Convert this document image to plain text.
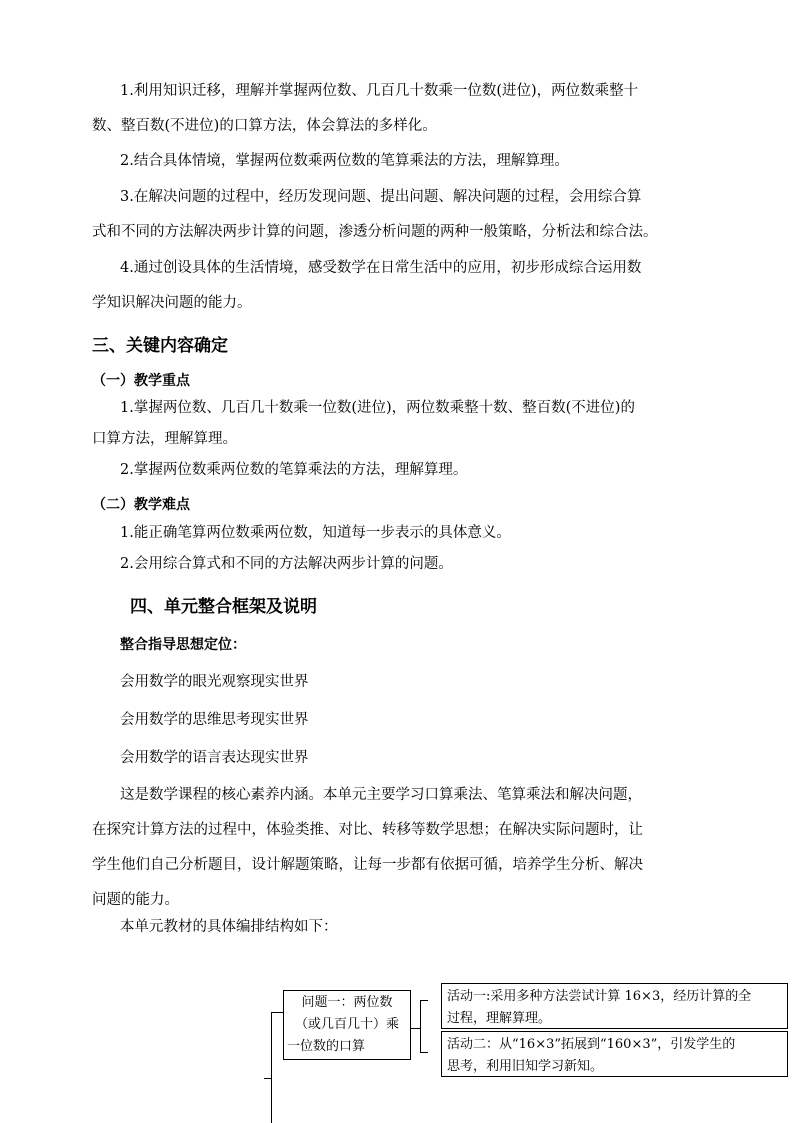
1.利用知识迁移，理解并掌握两位数、几百几十数乘一位数(进位)，两位数乘整十
数、整百数(不进位)的口算方法，体会算法的多样化。
2.结合具体情境，掌握两位数乘两位数的笔算乘法的方法，理解算理。
3.在解决问题的过程中，经历发现问题、提出问题、解决问题的过程，会用综合算
式和不同的方法解决两步计算的问题，渗透分析问题的两种一般策略，分析法和综合法。
4.通过创设具体的生活情境，感受数学在日常生活中的应用，初步形成综合运用数
学知识解决问题的能力。
三、关键内容确定
（一）教学重点
1.掌握两位数、几百几十数乘一位数(进位)，两位数乘整十数、整百数(不进位)的
口算方法，理解算理。
2.掌握两位数乘两位数的笔算乘法的方法，理解算理。
（二）教学难点
1.能正确笔算两位数乘两位数，知道每一步表示的具体意义。
2.会用综合算式和不同的方法解决两步计算的问题。
四、单元整合框架及说明
整合指导思想定位：
会用数学的眼光观察现实世界
会用数学的思维思考现实世界
会用数学的语言表达现实世界
这是数学课程的核心素养内涵。本单元主要学习口算乘法、笔算乘法和解决问题，
在探究计算方法的过程中，体验类推、对比、转移等数学思想；在解决实际问题时，让
学生他们自己分析题目，设计解题策略，让每一步都有依据可循，培养学生分析、解决
问题的能力。
本单元教材的具体编排结构如下：
问题一：两位数
（或几百几十）乘
一位数的口算
活动一:采用多种方法尝试计算 16×3，经历计算的全
过程，理解算理。
活动二：从“16×3”拓展到“160×3”，引发学生的
思考，利用旧知学习新知。
